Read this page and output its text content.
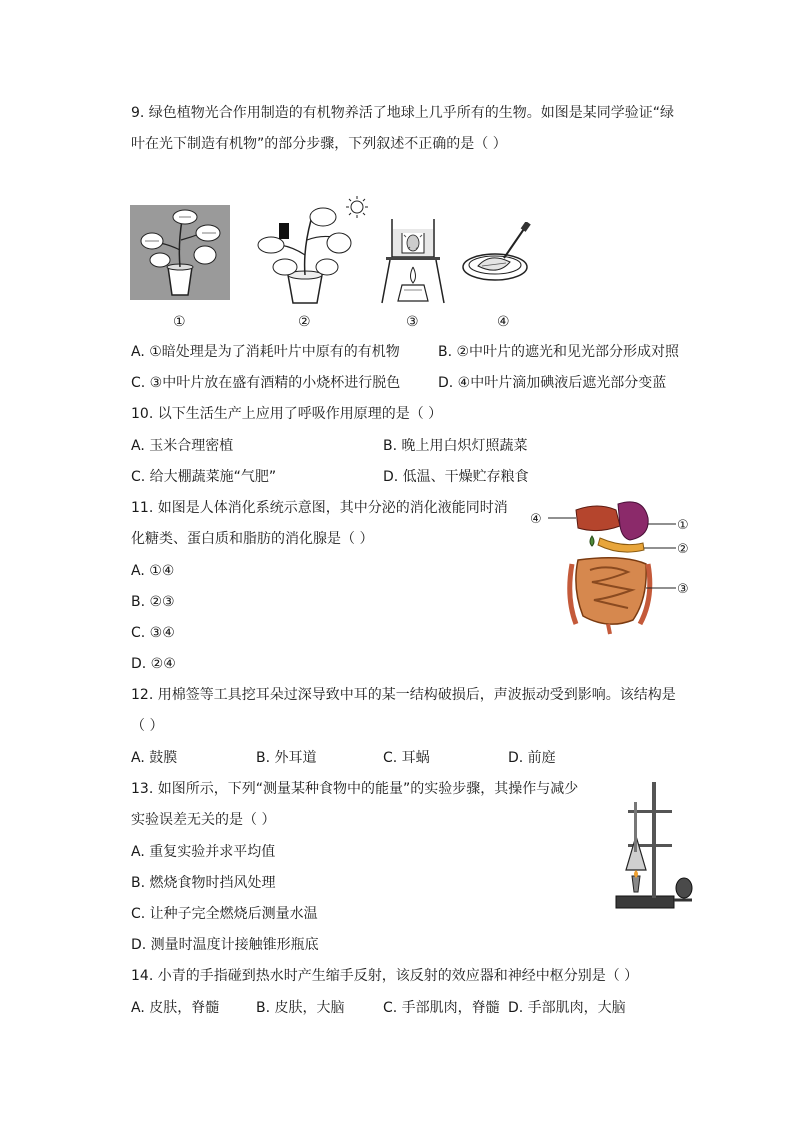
9. 绿色植物光合作用制造的有机物养活了地球上几乎所有的生物。如图是某同学验证“绿
叶在光下制造有机物”的部分步骤，下列叙述不正确的是（ ）
①	②	③	④
A. ①暗处理是为了消耗叶片中原有的有机物	B. ②中叶片的遮光和见光部分形成对照
C. ③中叶片放在盛有酒精的小烧杯进行脱色	D. ④中叶片滴加碘液后遮光部分变蓝
10. 以下生活生产上应用了呼吸作用原理的是（ ）
A. 玉米合理密植	B. 晚上用白炽灯照蔬菜
C. 给大棚蔬菜施“气肥”	D. 低温、干燥贮存粮食
11. 如图是人体消化系统示意图，其中分泌的消化液能同时消
化糖类、蛋白质和脂肪的消化腺是（ ）
A. ①④
B. ②③
C. ③④
D. ②④
④	①
②
③
12. 用棉签等工具挖耳朵过深导致中耳的某一结构破损后，声波振动受到影响。该结构是
（ ）
A. 鼓膜	B. 外耳道	C. 耳蜗	D. 前庭
13. 如图所示，下列“测量某种食物中的能量”的实验步骤，其操作与减少
实验误差无关的是（ ）
A. 重复实验并求平均值
B. 燃烧食物时挡风处理
C. 让种子完全燃烧后测量水温
D. 测量时温度计接触锥形瓶底
14. 小青的手指碰到热水时产生缩手反射，该反射的效应器和神经中枢分别是（ ）
A. 皮肤，脊髓	B. 皮肤，大脑	C. 手部肌肉，脊髓 D. 手部肌肉，大脑
